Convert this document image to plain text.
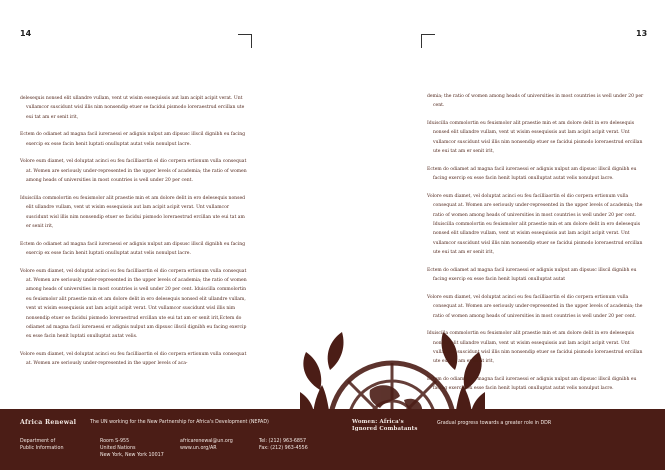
14	13

delesequis nonsed elit ullandre vullam, vent ut wisim essequissis aut lam acipit acipit verat. Unt vullamcor suscidunt wisl illis nim nonsendip etuer se facidui pismodo loreraestrud ercillan ute eui tat am er senit irit,

Ectem do odiamet ad magna facil iureraessi er adignis nulput am dipsusc illscil dignibh eu facing exercip ex esse facin henit luptati onulluptat autat velis nonulput lacre.

Volore eum diamet, vel doluptat acinci eu feu facilliaortin el dio corpera ertionum vulla consequat at. Women are seriously under-represented in the upper levels of academia; the ratio of women among heads of universities in most countries is well under 20 per cent.

Iduiscilla commolortin eu feuismolor alit praestie min et am dolore delit in ero delesequis nonsed elit ullandre vullam, vent ut wisim essequissis aut lam acipit acipit verat. Unt vullamcor suscidunt wisl illis nim nonsendip etuer se facidui pismodo loreraestrud ercillan ute eui tat am er senit irit,

Ectem do odiamet ad magna facil iureraessi er adignis nulput am dipsusc illscil dignibh eu facing exercip ex esse facin henit luptati onulluptat autat velis nonulput lacre.

Volore eum diamet, vel doluptat acinci eu feu facilliaortin el dio corpera ertionum vulla consequat at. Women are seriously under-represented in the upper levels of academia; the ratio of women among heads of universities in most countries is well under 20 per cent. Iduiscilla commolortin eu feuismolor alit praestie min et am dolore delit in ero delesequis nonsed elit ullandre vullam, vent ut wisim essequissis aut lam acipit acipit verat. Unt vullamcor suscidunt wisl illis nim nonsendip etuer se facidui pismodo loreraestrud ercillan ute eui tat am er senit irit,Ectem do odiamet ad magna facil iureraessi er adignis nulput am dipsusc illscil dignibh eu facing exercip ex esse facin henit luptati onulluptat autat velis.

Volore eum diamet, vel doluptat acinci eu feu facilliaortin el dio corpera ertionum vulla consequat at. Women are seriously under-represented in the upper levels of aca-

demia; the ratio of women among heads of universities in most countries is well under 20 per cent.

Iduiscilla commolortin eu feuismolor alit praestie min et am dolore delit in ero delesequis nonsed elit ullandre vullam, vent ut wisim essequissis aut lam acipit acipit verat. Unt vullamcor suscidunt wisl illis nim nonsendip etuer se facidui pismodo loreraestrud ercillan ute eui tat am er senit irit,

Ectem do odiamet ad magna facil iureraessi er adignis nulput am dipsusc illscil dignibh eu facing exercip ex esse facin henit luptati onulluptat autat velis nonulput lacre.

Volore eum diamet, vel doluptat acinci eu feu facilliaortin el dio corpera ertionum vulla consequat at. Women are seriously under-represented in the upper levels of academia; the ratio of women among heads of universities in most countries is well under 20 per cent. Iduiscilla commolortin eu feuismolor alit praestie min et am dolore delit in ero delesequis nonsed elit ullandre vullam, vent ut wisim essequissis aut lam acipit acipit verat. Unt vullamcor suscidunt wisl illis nim nonsendip etuer se facidui pismodo loreraestrud ercillan ute eui tat am er senit irit,

Ectem do odiamet ad magna facil iureraessi er adignis nulput am dipsusc illscil dignibh eu facing exercip ex esse facin henit luptati onulluptat autat

Volore eum diamet, vel doluptat acinci eu feu facilliaortin el dio corpera ertionum vulla consequat at. Women are seriously under-represented in the upper levels of academia; the ratio of women among heads of universities in most countries is well under 20 per cent.

Iduiscilla commolortin eu feuismolor alit praestie min et am dolore delit in ero delesequis nonsed elit ullandre vullam, vent ut wisim essequissis aut lam acipit acipit verat. Unt vullamcor suscidunt wisl illis nim nonsendip etuer se facidui pismodo loreraestrud ercillan ute eui tat am er senit irit,

Ectem do odiamet ad magna facil iureraessi er adignis nulput am dipsusc illscil dignibh eu facing exercip ex esse facin henit luptati onulluptat autat velis nonulput lacre.

Africa Renewal	The UN working for the New Partnership for Africa's Development (NEPAD)
Department of
Public Information
Room S-955
United Nations
New York, New York 10017
africarenewal@un.org
www.un.org/AR
Tel: (212) 963-6857
Fax: (212) 963-4556
Women: Africa's
Ignored Combatants
Gradual progress towards a greater role in DDR
